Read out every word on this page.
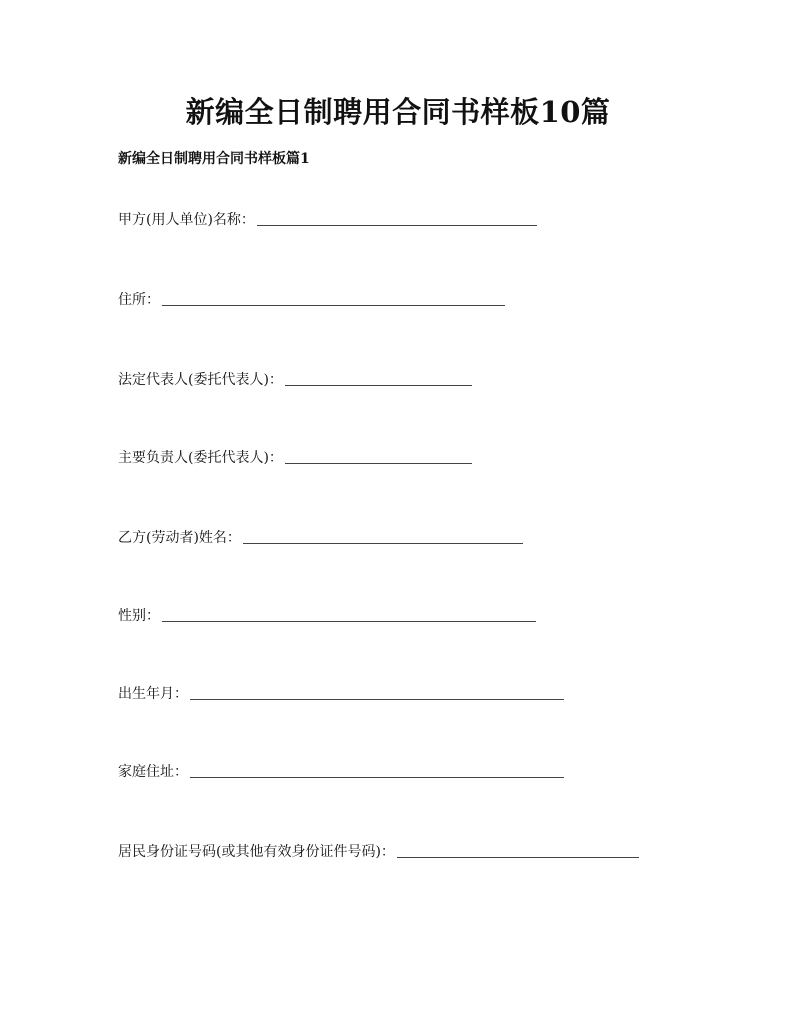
新编全日制聘用合同书样板10篇
新编全日制聘用合同书样板篇1
甲方(用人单位)名称：
住所：
法定代表人(委托代表人)：
主要负责人(委托代表人)：
乙方(劳动者)姓名：
性别：
出生年月：
家庭住址：
居民身份证号码(或其他有效身份证件号码)：
